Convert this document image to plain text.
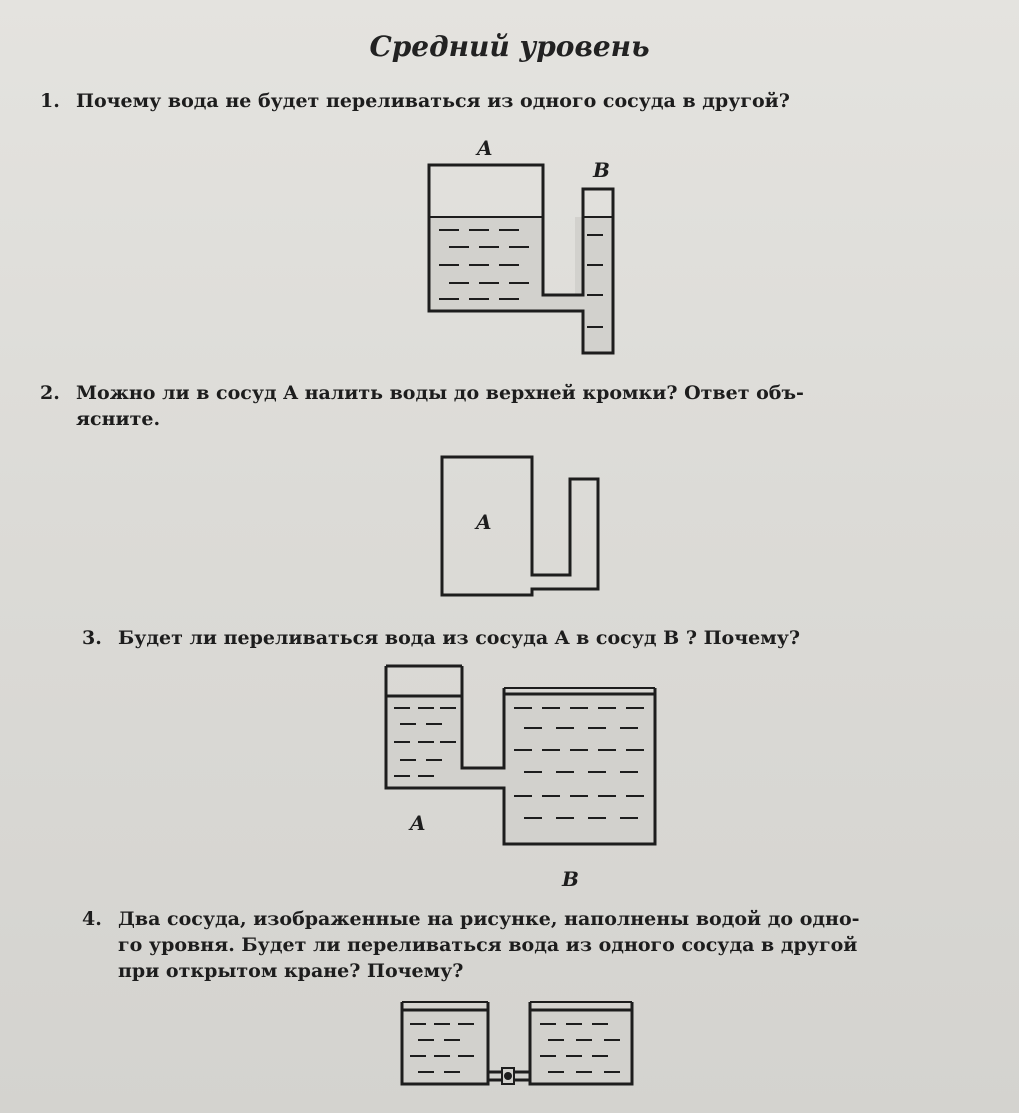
Средний уровень
1. Почему вода не будет переливаться из одного сосуда в другой?
A
B
2. Можно ли в сосуд A налить воды до верхней кромки? Ответ объ-
ясните.
A
3. Будет ли переливаться вода из сосуда A в сосуд B ? Почему?
A
B
4. Два сосуда, изображенные на рисунке, наполнены водой до одно-
го уровня. Будет ли переливаться вода из одного сосуда в другой
при открытом кране? Почему?
